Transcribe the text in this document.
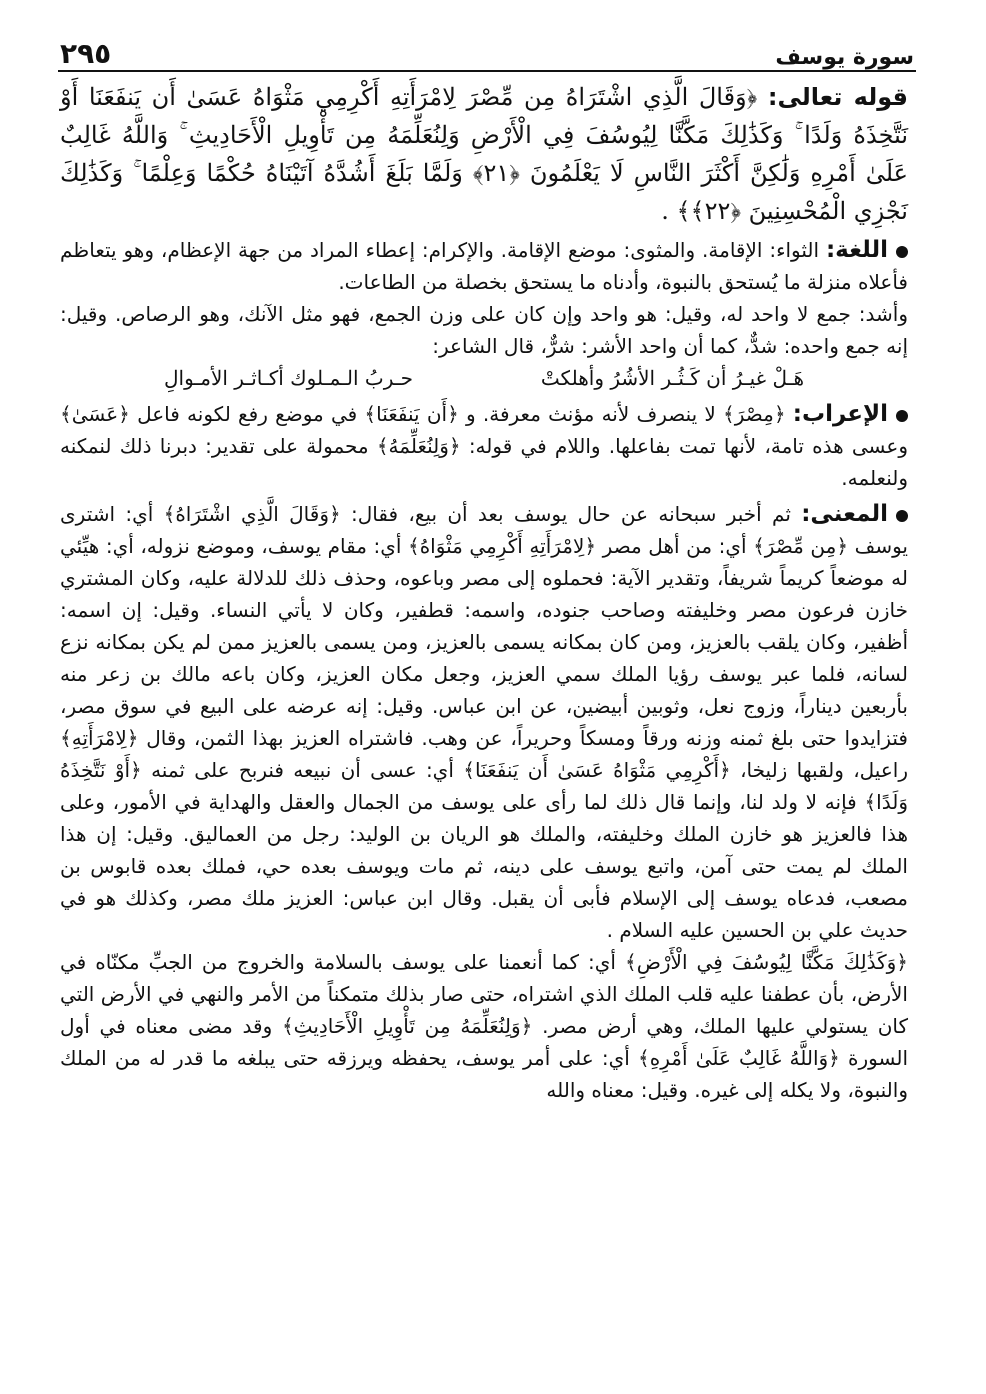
سورة يوسف
٢٩٥

قوله تعالى: ﴿وَقَالَ الَّذِي اشْتَرَاهُ مِن مِّصْرَ لِامْرَأَتِهِ أَكْرِمِي مَثْوَاهُ عَسَىٰ أَن يَنفَعَنَا أَوْ نَتَّخِذَهُ وَلَدًا ۚ وَكَذَٰلِكَ مَكَّنَّا لِيُوسُفَ فِي الْأَرْضِ وَلِنُعَلِّمَهُ مِن تَأْوِيلِ الْأَحَادِيثِ ۚ وَاللَّهُ غَالِبٌ عَلَىٰ أَمْرِهِ وَلَٰكِنَّ أَكْثَرَ النَّاسِ لَا يَعْلَمُونَ ﴿٢١﴾ وَلَمَّا بَلَغَ أَشُدَّهُ آتَيْنَاهُ حُكْمًا وَعِلْمًا ۚ وَكَذَٰلِكَ نَجْزِي الْمُحْسِنِينَ ﴿٢٢﴾﴾ .

اللغة: الثواء: الإقامة. والمثوى: موضع الإقامة. والإكرام: إعطاء المراد من جهة الإعظام، وهو يتعاظم فأعلاه منزلة ما يُستحق بالنبوة، وأدناه ما يستحق بخصلة من الطاعات.

وأشد: جمع لا واحد له، وقيل: هو واحد وإن كان على وزن الجمع، فهو مثل الآنك، وهو الرصاص. وقيل: إنه جمع واحده: شدٌّ، كما أن واحد الأشر: شرٌّ، قال الشاعر:

هَـلْ غيـرُ أن كَـثُـر الأشُرُ وأهلكتْ
حـربُ الـمـلوك أكـاثـر الأمـوالِ

الإعراب: ﴿مِصْرَ﴾ لا ينصرف لأنه مؤنث معرفة. و ﴿أَن يَنفَعَنَا﴾ في موضع رفع لكونه فاعل ﴿عَسَىٰ﴾ وعسى هذه تامة، لأنها تمت بفاعلها. واللام في قوله: ﴿وَلِنُعَلِّمَهُ﴾ محمولة على تقدير: دبرنا ذلك لنمكنه ولنعلمه.

المعنى: ثم أخبر سبحانه عن حال يوسف بعد أن بيع، فقال: ﴿وَقَالَ الَّذِي اشْتَرَاهُ﴾ أي: اشترى يوسف ﴿مِن مِّصْرَ﴾ أي: من أهل مصر ﴿لِامْرَأَتِهِ أَكْرِمِي مَثْوَاهُ﴾ أي: مقام يوسف، وموضع نزوله، أي: هيِّئي له موضعاً كريماً شريفاً، وتقدير الآية: فحملوه إلى مصر وباعوه، وحذف ذلك للدلالة عليه، وكان المشتري خازن فرعون مصر وخليفته وصاحب جنوده، واسمه: قطفير، وكان لا يأتي النساء. وقيل: إن اسمه: أظفير، وكان يلقب بالعزيز، ومن كان بمكانه يسمى بالعزيز، ومن يسمى بالعزيز ممن لم يكن بمكانه نزع لسانه، فلما عبر يوسف رؤيا الملك سمي العزيز، وجعل مكان العزيز، وكان باعه مالك بن زعر منه بأربعين ديناراً، وزوج نعل، وثوبين أبيضين، عن ابن عباس. وقيل: إنه عرضه على البيع في سوق مصر، فتزايدوا حتى بلغ ثمنه وزنه ورقاً ومسكاً وحريراً، عن وهب. فاشتراه العزيز بهذا الثمن، وقال ﴿لِامْرَأَتِهِ﴾ راعيل، ولقبها زليخا، ﴿أَكْرِمِي مَثْوَاهُ عَسَىٰ أَن يَنفَعَنَا﴾ أي: عسى أن نبيعه فنربح على ثمنه ﴿أَوْ نَتَّخِذَهُ وَلَدًا﴾ فإنه لا ولد لنا، وإنما قال ذلك لما رأى على يوسف من الجمال والعقل والهداية في الأمور، وعلى هذا فالعزيز هو خازن الملك وخليفته، والملك هو الريان بن الوليد: رجل من العماليق. وقيل: إن هذا الملك لم يمت حتى آمن، واتبع يوسف على دينه، ثم مات ويوسف بعده حي، فملك بعده قابوس بن مصعب، فدعاه يوسف إلى الإسلام فأبى أن يقبل. وقال ابن عباس: العزيز ملك مصر، وكذلك هو في حديث علي بن الحسين عليه السلام .

﴿وَكَذَٰلِكَ مَكَّنَّا لِيُوسُفَ فِي الْأَرْضِ﴾ أي: كما أنعمنا على يوسف بالسلامة والخروج من الجبِّ مكنّاه في الأرض، بأن عطفنا عليه قلب الملك الذي اشتراه، حتى صار بذلك متمكناً من الأمر والنهي في الأرض التي كان يستولي عليها الملك، وهي أرض مصر. ﴿وَلِنُعَلِّمَهُ مِن تَأْوِيلِ الْأَحَادِيثِ﴾ وقد مضى معناه في أول السورة ﴿وَاللَّهُ غَالِبٌ عَلَىٰ أَمْرِهِ﴾ أي: على أمر يوسف، يحفظه ويرزقه حتى يبلغه ما قدر له من الملك والنبوة، ولا يكله إلى غيره. وقيل: معناه والله
